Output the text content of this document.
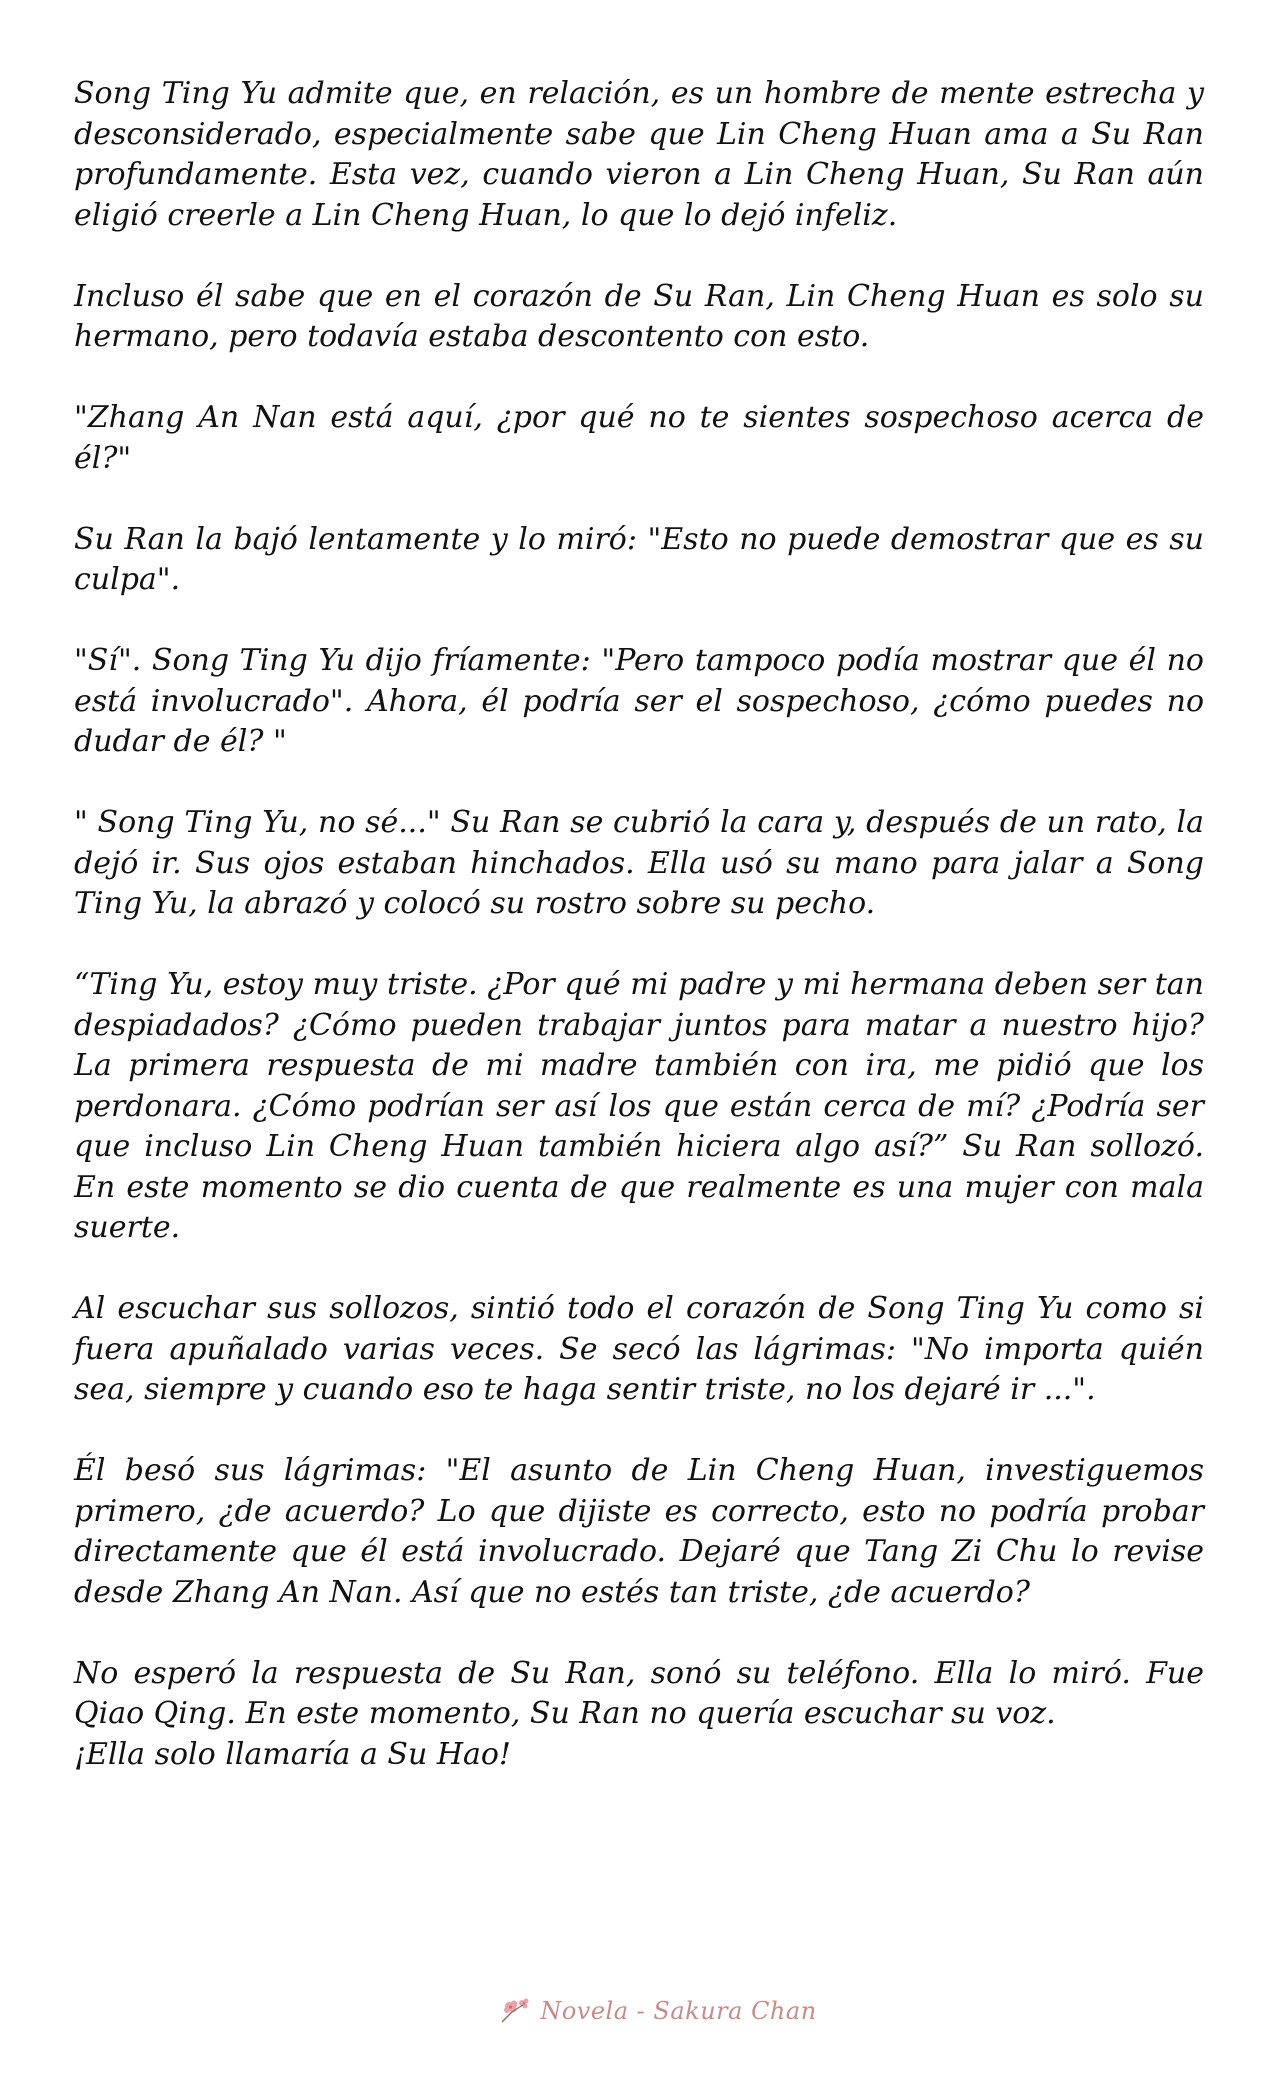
Song Ting Yu admite que, en relación, es un hombre de mente estrecha y desconsiderado, especialmente sabe que Lin Cheng Huan ama a Su Ran profundamente. Esta vez, cuando vieron a Lin Cheng Huan, Su Ran aún eligió creerle a Lin Cheng Huan, lo que lo dejó infeliz.

Incluso él sabe que en el corazón de Su Ran, Lin Cheng Huan es solo su hermano, pero todavía estaba descontento con esto.

"Zhang An Nan está aquí, ¿por qué no te sientes sospechoso acerca de él?"

Su Ran la bajó lentamente y lo miró: "Esto no puede demostrar que es su culpa".

"Sí". Song Ting Yu dijo fríamente: "Pero tampoco podía mostrar que él no está involucrado". Ahora, él podría ser el sospechoso, ¿cómo puedes no dudar de él? "

" Song Ting Yu, no sé..." Su Ran se cubrió la cara y, después de un rato, la dejó ir. Sus ojos estaban hinchados. Ella usó su mano para jalar a Song Ting Yu, la abrazó y colocó su rostro sobre su pecho.

“Ting Yu, estoy muy triste. ¿Por qué mi padre y mi hermana deben ser tan despiadados? ¿Cómo pueden trabajar juntos para matar a nuestro hijo? La primera respuesta de mi madre también con ira, me pidió que los perdonara. ¿Cómo podrían ser así los que están cerca de mí? ¿Podría ser que incluso Lin Cheng Huan también hiciera algo así?” Su Ran sollozó. En este momento se dio cuenta de que realmente es una mujer con mala suerte.

Al escuchar sus sollozos, sintió todo el corazón de Song Ting Yu como si fuera apuñalado varias veces. Se secó las lágrimas: "No importa quién sea, siempre y cuando eso te haga sentir triste, no los dejaré ir ...".

Él besó sus lágrimas: "El asunto de Lin Cheng Huan, investiguemos primero, ¿de acuerdo? Lo que dijiste es correcto, esto no podría probar directamente que él está involucrado. Dejaré que Tang Zi Chu lo revise desde Zhang An Nan. Así que no estés tan triste, ¿de acuerdo?

No esperó la respuesta de Su Ran, sonó su teléfono. Ella lo miró. Fue Qiao Qing. En este momento, Su Ran no quería escuchar su voz.
¡Ella solo llamaría a Su Hao!

Novela - Sakura Chan
